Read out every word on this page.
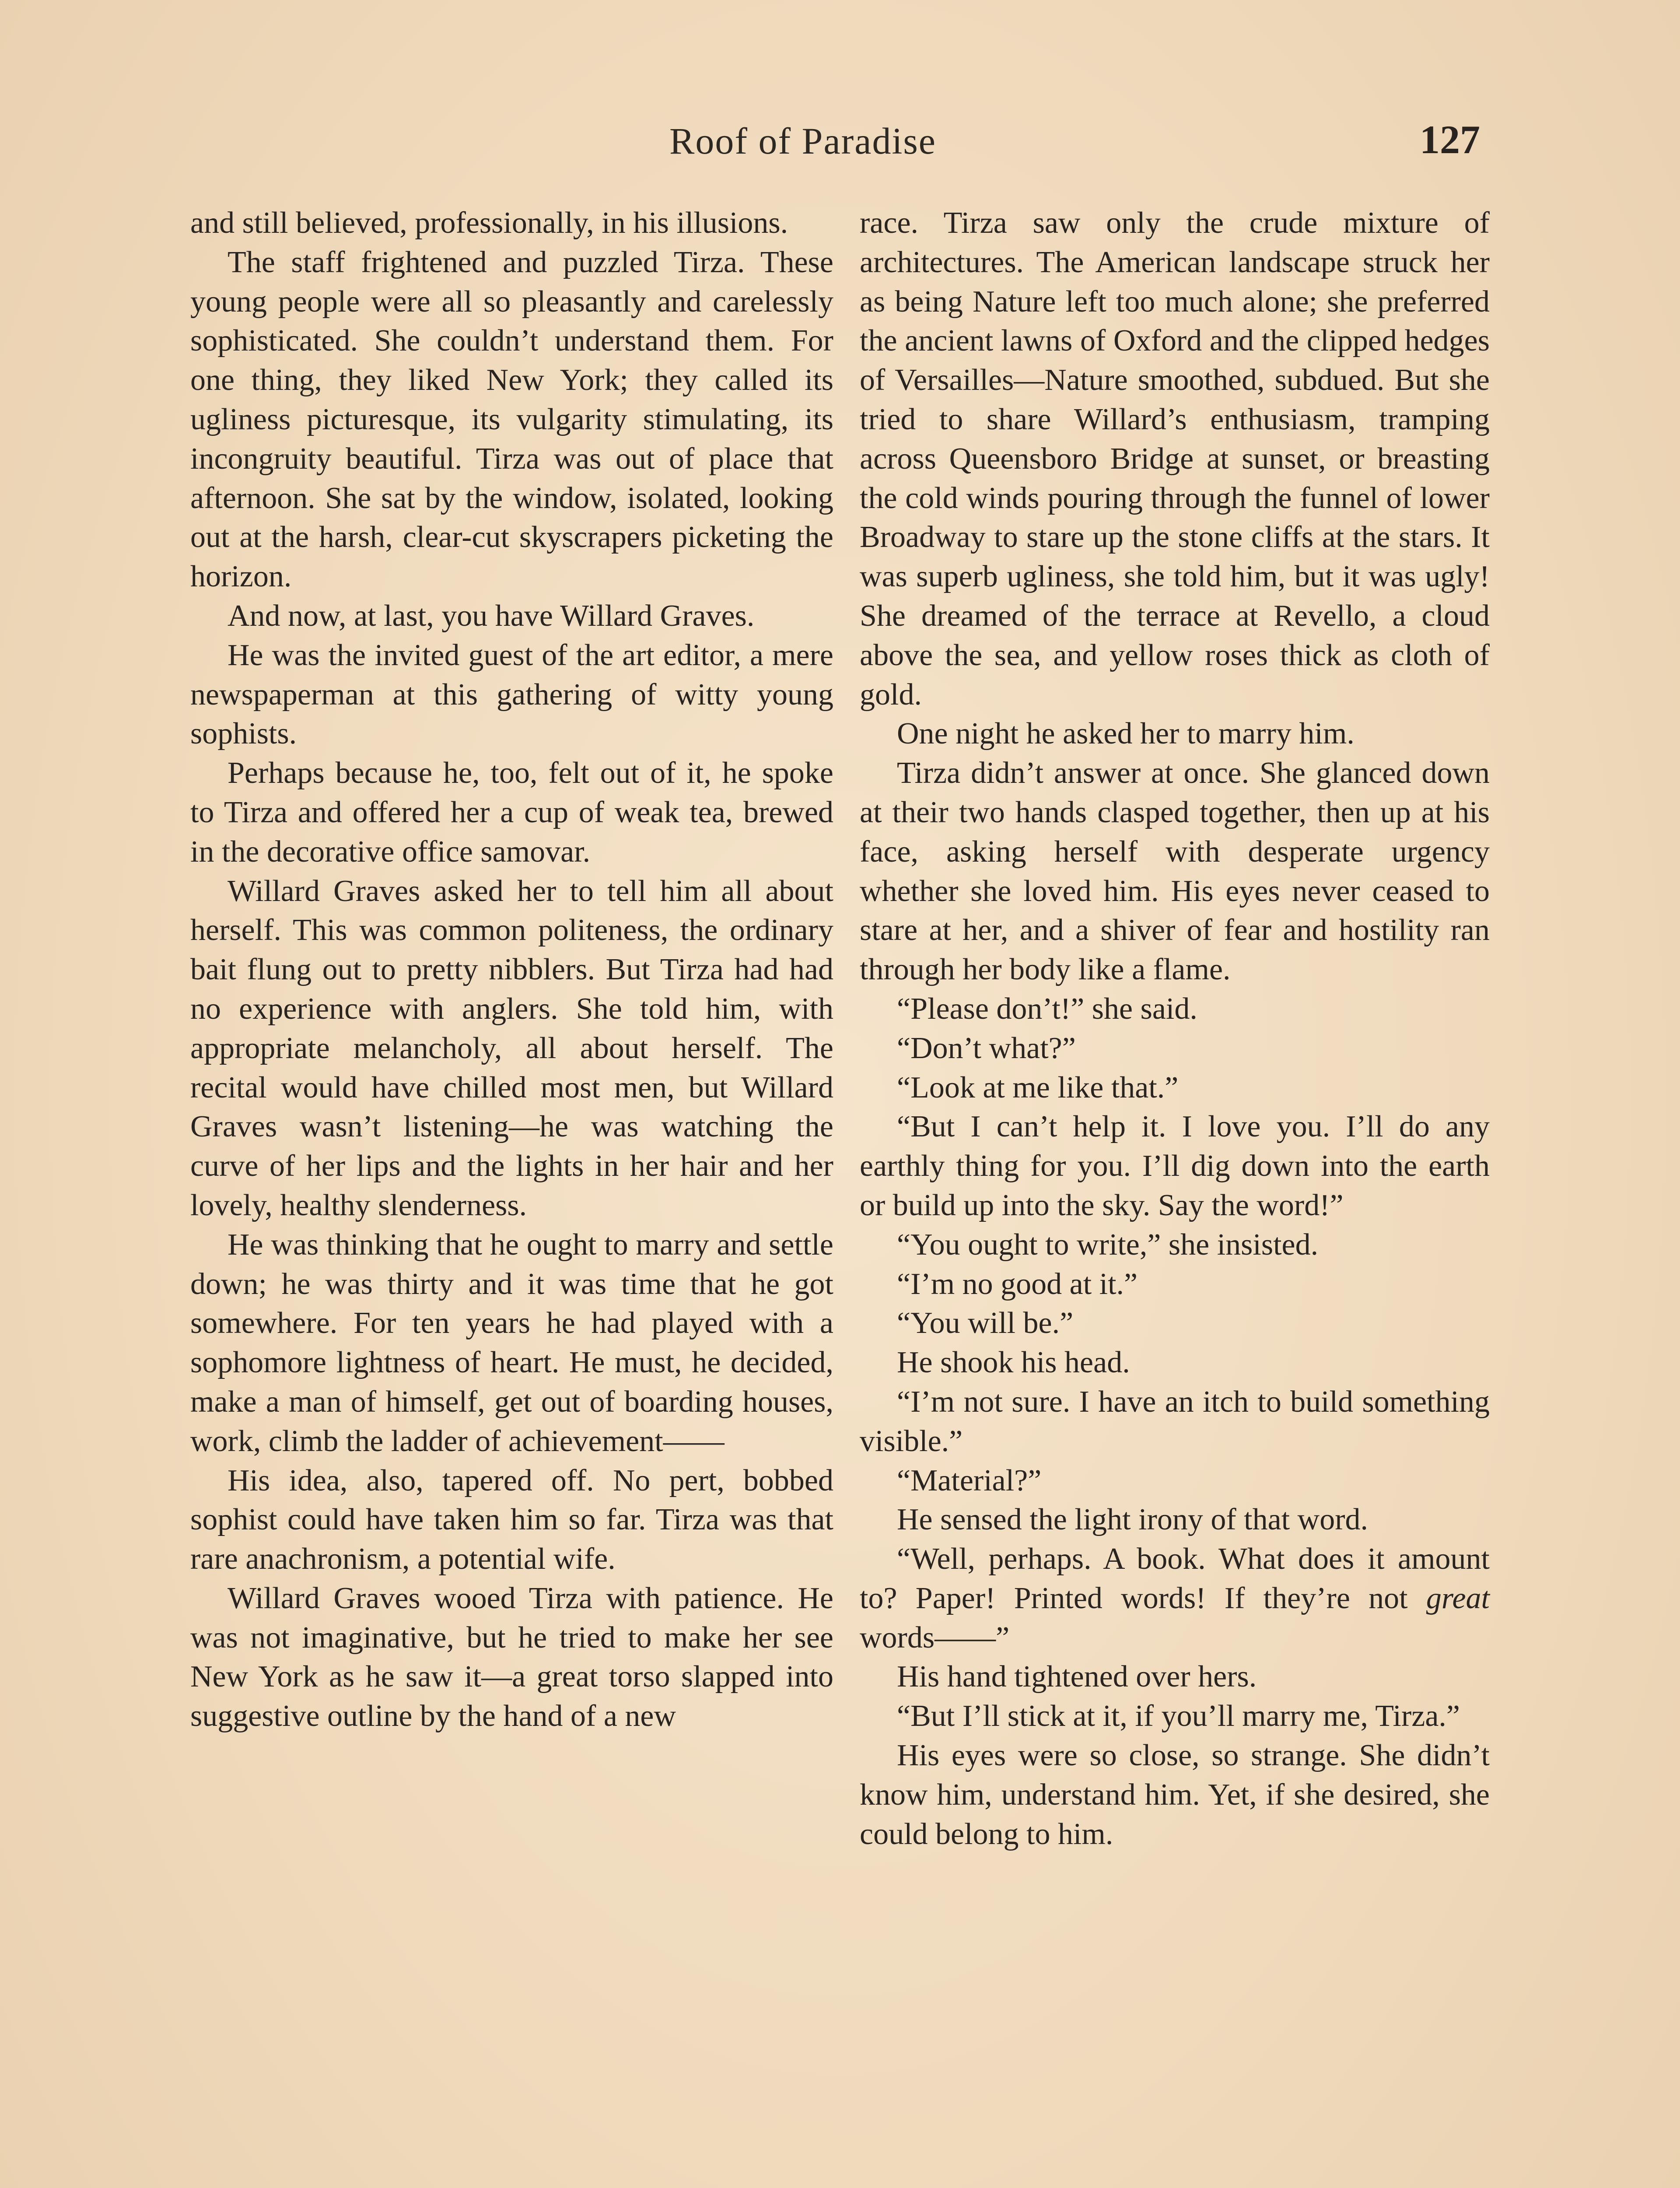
Roof of Paradise	127

and still believed, professionally, in his illusions.

The staff frightened and puzzled Tirza. These young people were all so pleasantly and carelessly sophisticated. She couldn’t understand them. For one thing, they liked New York; they called its ugliness picturesque, its vulgarity stimulating, its incongruity beautiful. Tirza was out of place that afternoon. She sat by the window, isolated, looking out at the harsh, clear-cut skyscrapers picketing the horizon.

And now, at last, you have Willard Graves.

He was the invited guest of the art editor, a mere newspaperman at this gathering of witty young sophists.

Perhaps because he, too, felt out of it, he spoke to Tirza and offered her a cup of weak tea, brewed in the decorative office samovar.

Willard Graves asked her to tell him all about herself. This was common politeness, the ordinary bait flung out to pretty nibblers. But Tirza had had no experience with anglers. She told him, with appropriate melancholy, all about herself. The recital would have chilled most men, but Willard Graves wasn’t listening—he was watching the curve of her lips and the lights in her hair and her lovely, healthy slenderness.

He was thinking that he ought to marry and settle down; he was thirty and it was time that he got somewhere. For ten years he had played with a sophomore lightness of heart. He must, he decided, make a man of himself, get out of boarding houses, work, climb the ladder of achievement——

His idea, also, tapered off. No pert, bobbed sophist could have taken him so far. Tirza was that rare anachronism, a potential wife.

Willard Graves wooed Tirza with patience. He was not imaginative, but he tried to make her see New York as he saw it—a great torso slapped into suggestive outline by the hand of a new

race. Tirza saw only the crude mixture of architectures. The American landscape struck her as being Nature left too much alone; she preferred the ancient lawns of Oxford and the clipped hedges of Versailles—Nature smoothed, subdued. But she tried to share Willard’s enthusiasm, tramping across Queensboro Bridge at sunset, or breasting the cold winds pouring through the funnel of lower Broadway to stare up the stone cliffs at the stars. It was superb ugliness, she told him, but it was ugly! She dreamed of the terrace at Revello, a cloud above the sea, and yellow roses thick as cloth of gold.

One night he asked her to marry him.

Tirza didn’t answer at once. She glanced down at their two hands clasped together, then up at his face, asking herself with desperate urgency whether she loved him. His eyes never ceased to stare at her, and a shiver of fear and hostility ran through her body like a flame.

“Please don’t!” she said.

“Don’t what?”

“Look at me like that.”

“But I can’t help it. I love you. I’ll do any earthly thing for you. I’ll dig down into the earth or build up into the sky. Say the word!”

“You ought to write,” she insisted.

“I’m no good at it.”

“You will be.”

He shook his head.

“I’m not sure. I have an itch to build something visible.”

“Material?”

He sensed the light irony of that word.

“Well, perhaps. A book. What does it amount to? Paper! Printed words! If they’re not great words——”

His hand tightened over hers.

“But I’ll stick at it, if you’ll marry me, Tirza.”

His eyes were so close, so strange. She didn’t know him, understand him. Yet, if she desired, she could belong to him.
